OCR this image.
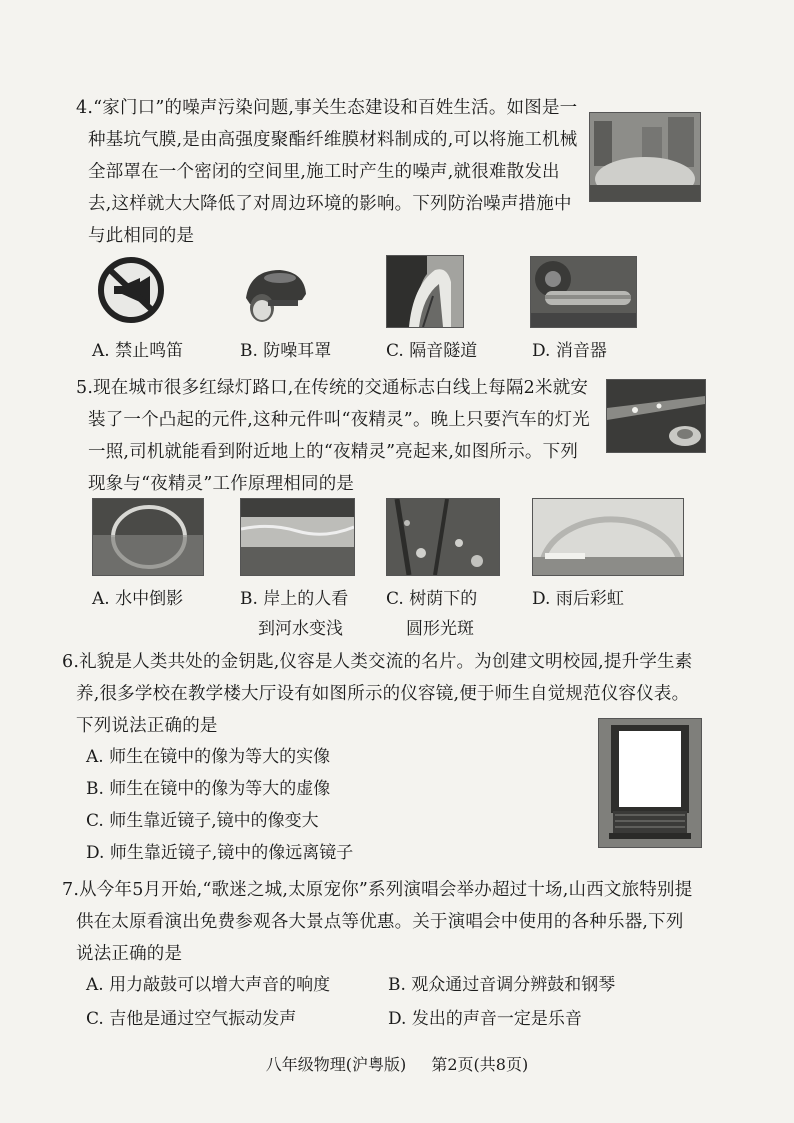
4.“家门口”的噪声污染问题,事关生态建设和百姓生活。如图是一
种基坑气膜,是由高强度聚酯纤维膜材料制成的,可以将施工机械
全部罩在一个密闭的空间里,施工时产生的噪声,就很难散发出
去,这样就大大降低了对周边环境的影响。下列防治噪声措施中
与此相同的是
A. 禁止鸣笛	B. 防噪耳罩	C. 隔音隧道	D. 消音器
5.现在城市很多红绿灯路口,在传统的交通标志白线上每隔2米就安
装了一个凸起的元件,这种元件叫“夜精灵”。晚上只要汽车的灯光
一照,司机就能看到附近地上的“夜精灵”亮起来,如图所示。下列
现象与“夜精灵”工作原理相同的是
A. 水中倒影	B. 岸上的人看
到河水变浅
C. 树荫下的
圆形光斑
D. 雨后彩虹
6.礼貌是人类共处的金钥匙,仪容是人类交流的名片。为创建文明校园,提升学生素
养,很多学校在教学楼大厅设有如图所示的仪容镜,便于师生自觉规范仪容仪表。
下列说法正确的是
A. 师生在镜中的像为等大的实像
B. 师生在镜中的像为等大的虚像
C. 师生靠近镜子,镜中的像变大
D. 师生靠近镜子,镜中的像远离镜子
7.从今年5月开始,“歌迷之城,太原宠你”系列演唱会举办超过十场,山西文旅特别提
供在太原看演出免费参观各大景点等优惠。关于演唱会中使用的各种乐器,下列
说法正确的是
A. 用力敲鼓可以增大声音的响度	B. 观众通过音调分辨鼓和钢琴
C. 吉他是通过空气振动发声	D. 发出的声音一定是乐音
八年级物理(沪粤版) 第2页(共8页)
